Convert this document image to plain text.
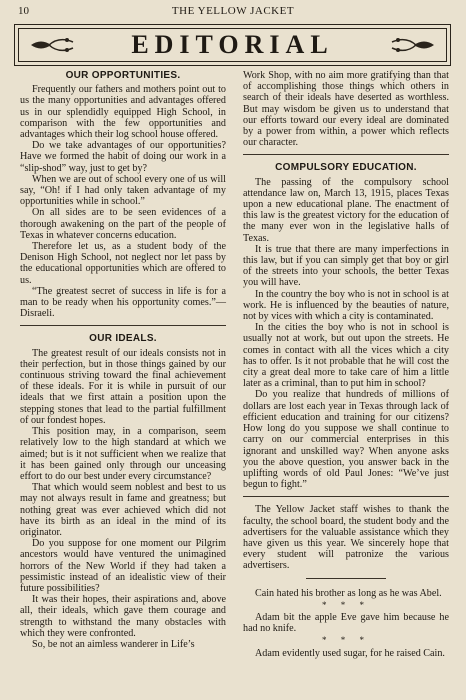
10	THE YELLOW JACKET
EDITORIAL
OUR OPPORTUNITIES.

Frequently our fathers and mothers point out to us the many opportunities and advantages offered us in our splendidly equipped High School, in comparison with the few opportunities and advantages which their log school house offered.

Do we take advantages of our opportunities? Have we formed the habit of doing our work in a “slip-shod” way, just to get by?

When we are out of school every one of us will say, “Oh! if I had only taken advantage of my opportunities while in school.”

On all sides are to be seen evidences of a thorough awakening on the part of the people of Texas in whatever concerns education.

Therefore let us, as a student body of the Denison High School, not neglect nor let pass by the educational opportunities which are offered to us.

“The greatest secret of success in life is for a man to be ready when his opportunity comes.”—Disraeli.

OUR IDEALS.

The greatest result of our ideals consists not in their perfection, but in those things gained by our continuous striving toward the final achievement of these ideals. For it is while in pursuit of our ideals that we first attain a position upon the stepping stones that lead to the partial fulfillment of our fondest hopes.

This position may, in a comparison, seem relatively low to the high standard at which we aimed; but is it not sufficient when we realize that it has been gained only through our unceasing effort to do our best under every circumstance?

That which would seem noblest and best to us may not always result in fame and greatness; but nothing great was ever achieved which did not have its birth as an ideal in the mind of its originator.

Do you suppose for one moment our Pilgrim ancestors would have ventured the unimagined horrors of the New World if they had taken a pessimistic instead of an idealistic view of their future possibilities?

It was their hopes, their aspirations and, above all, their ideals, which gave them courage and strength to withstand the many obstacles with which they were confronted.

So, be not an aimless wanderer in Life’s

Work Shop, with no aim more gratifying than that of accomplishing those things which others in search of their ideals have deserted as worthless. But may wisdom be given us to understand that our efforts toward our every ideal are dominated by a power from within, a power which reflects our character.

COMPULSORY EDUCATION.

The passing of the compulsory school attendance law on, March 13, 1915, places Texas upon a new educational plane. The enactment of this law is the greatest victory for the education of the many ever won in the legislative halls of Texas.

It is true that there are many imperfections in this law, but if you can simply get that boy or girl of the streets into your schools, the better Texas you will have.

In the country the boy who is not in school is at work. He is influenced by the beauties of nature, not by vices with which a city is contaminated.

In the cities the boy who is not in school is usually not at work, but out upon the streets. He comes in contact with all the vices which a city has to offer. Is it not probable that he will cost the city a great deal more to take care of him a little later as a criminal, than to put him in school?

Do you realize that hundreds of millions of dollars are lost each year in Texas through lack of efficient education and training for our citizens? How long do you suppose we shall continue to carry on our commercial enterprises in this ignorant and unskilled way? When anyone asks you the above question, you answer back in the uplifting words of old Paul Jones: “We’ve just begun to fight.”

The Yellow Jacket staff wishes to thank the faculty, the school board, the student body and the advertisers for the valuable assistance which they have given us this year. We sincerely hope that every student will patronize the various advertisers.

Cain hated his brother as long as he was Abel.

* * *

Adam bit the apple Eve gave him because he had no knife.

* * *

Adam evidently used sugar, for he raised Cain.
